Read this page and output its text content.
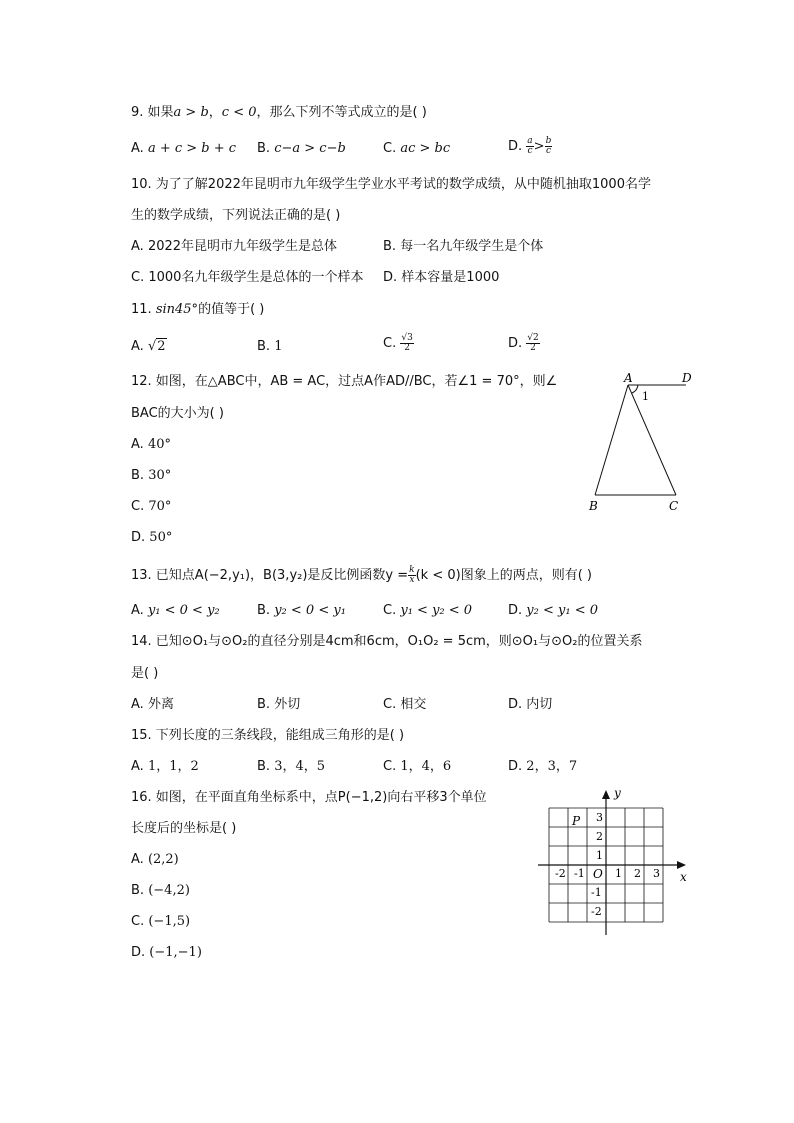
9. 如果a > b，c < 0，那么下列不等式成立的是( )
A. a + c > b + c B. c−a > c−b	C. ac > bc	D. $\frac{a}{c} > \frac{b}{c}$
10. 为了了解2022年昆明市九年级学生学业水平考试的数学成绩，从中随机抽取1000名学
生的数学成绩，下列说法正确的是( )
A. 2022年昆明市九年级学生是总体	B. 每一名九年级学生是个体
C. 1000名九年级学生是总体的一个样本 D. 样本容量是1000
11. sin45°的值等于( )
A. √2	B. 1	C. $\frac{√3}{2}$	D. $\frac{√2}{2}$
12. 如图，在△ABC中，AB = AC，过点A作AD//BC，若∠1 = 70°，则∠
BAC的大小为( )
A. 40°
B. 30°
C. 70°
D. 50°
A	D
1
B	C
13. 已知点A(−2,y₁)，B(3,y₂)是反比例函数$y = \frac{k}{x} (k < 0)$图象上的两点，则有( )
A. y₁ < 0 < y₂	B. y₂ < 0 < y₁	C. y₁ < y₂ < 0	D. y₂ < y₁ < 0
14. 已知⊙O₁与⊙O₂的直径分别是4cm和6cm，O₁O₂ = 5cm，则⊙O₁与⊙O₂的位置关系
是( )
A. 外离	B. 外切	C. 相交	D. 内切
15. 下列长度的三条线段，能组成三角形的是( )
A. 1，1，2	B. 3，4，5	C. 1，4，6	D. 2，3，7
16. 如图，在平面直角坐标系中，点P(−1,2)向右平移3个单位
长度后的坐标是( )
A. (2,2)
B. (−4,2)
C. (−1,5)
D. (−1,−1)
y
x
O
P
-2 -1	1 2 3
3
2
1
-1
-2
